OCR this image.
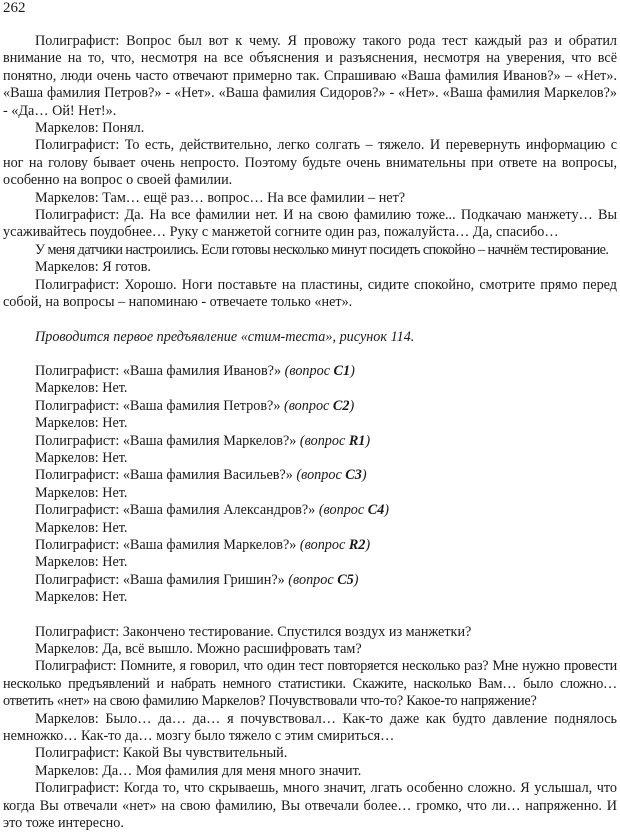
262

Полиграфист: Вопрос был вот к чему. Я провожу такого рода тест каждый раз и обратил внимание на то, что, несмотря на все объяснения и разъяснения, несмотря на уверения, что всё понятно, люди очень часто отвечают примерно так. Спрашиваю «Ваша фамилия Иванов?» – «Нет». «Ваша фамилия Петров?» - «Нет». «Ваша фамилия Сидоров?» - «Нет». «Ваша фамилия Маркелов?» - «Да… Ой! Нет!».

Маркелов: Понял.

Полиграфист: То есть, действительно, легко солгать – тяжело. И перевернуть информацию с ног на голову бывает очень непросто. Поэтому будьте очень внимательны при ответе на вопросы, особенно на вопрос о своей фамилии.

Маркелов: Там… ещё раз… вопрос… На все фамилии – нет?

Полиграфист: Да. На все фамилии нет. И на свою фамилию тоже... Подкачаю манжету… Вы усаживайтесь поудобнее… Руку с манжетой согните один раз, пожалуйста… Да, спасибо…

У меня датчики настроились. Если готовы несколько минут посидеть спокойно – начнём тестирование.

Маркелов: Я готов.

Полиграфист: Хорошо. Ноги поставьте на пластины, сидите спокойно, смотрите прямо перед собой, на вопросы – напоминаю - отвечаете только «нет».

Проводится первое предъявление «стим-теста», рисунок 114.

Полиграфист: «Ваша фамилия Иванов?» (вопрос C1)

Маркелов: Нет.

Полиграфист: «Ваша фамилия Петров?» (вопрос C2)

Маркелов: Нет.

Полиграфист: «Ваша фамилия Маркелов?» (вопрос R1)

Маркелов: Нет.

Полиграфист: «Ваша фамилия Васильев?» (вопрос C3)

Маркелов: Нет.

Полиграфист: «Ваша фамилия Александров?» (вопрос C4)

Маркелов: Нет.

Полиграфист: «Ваша фамилия Маркелов?» (вопрос R2)

Маркелов: Нет.

Полиграфист: «Ваша фамилия Гришин?» (вопрос C5)

Маркелов: Нет.

Полиграфист: Закончено тестирование. Спустился воздух из манжетки?

Маркелов: Да, всё вышло. Можно расшифровать там?

Полиграфист: Помните, я говорил, что один тест повторяется несколько раз? Мне нужно провести несколько предъявлений и набрать немного статистики. Скажите, насколько Вам… было сложно… ответить «нет» на свою фамилию Маркелов? Почувствовали что-то? Какое-то напряжение?

Маркелов: Было… да… да… я почувствовал… Как-то даже как будто давление поднялось немножко… Как-то да… мозгу было тяжело с этим смириться…

Полиграфист: Какой Вы чувствительный.

Маркелов: Да… Моя фамилия для меня много значит.

Полиграфист: Когда то, что скрываешь, много значит, лгать особенно сложно. Я услышал, что когда Вы отвечали «нет» на свою фамилию, Вы отвечали более… громко, что ли… напряженно. И это тоже интересно.
